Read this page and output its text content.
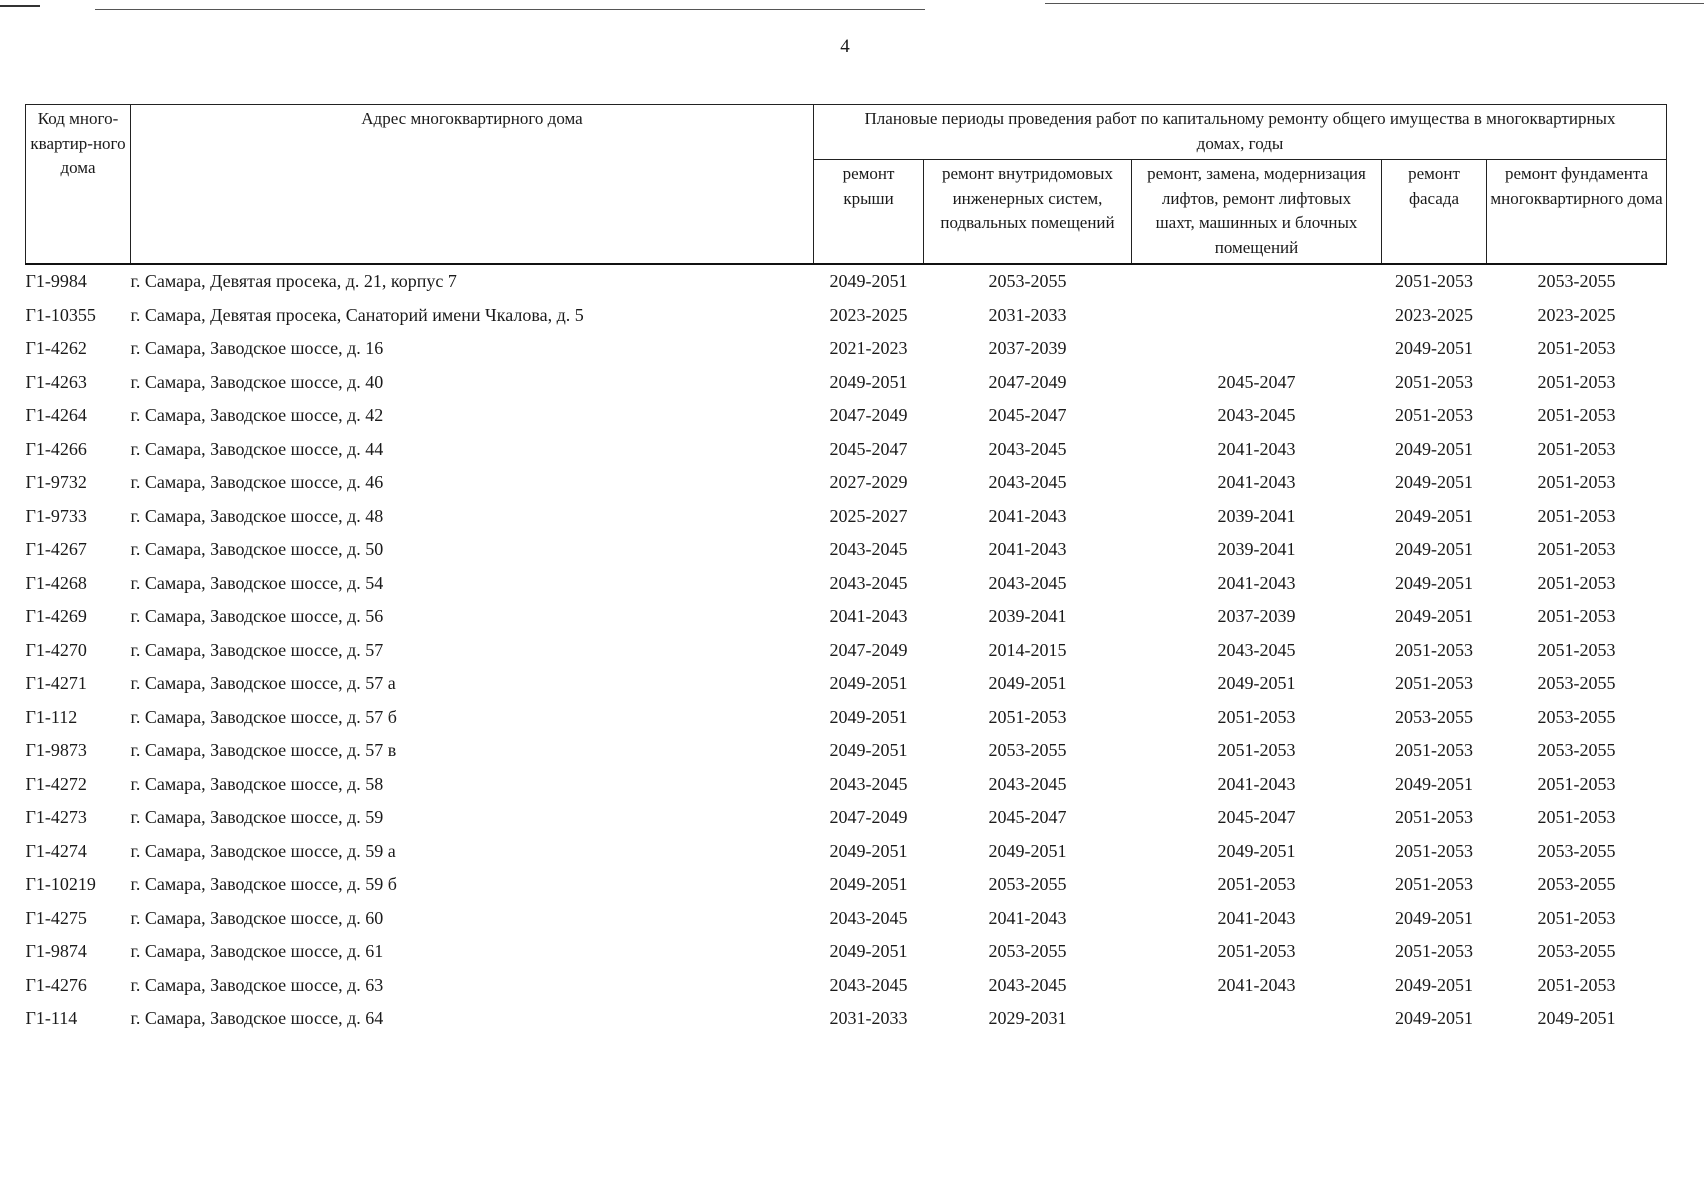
4
Код много-квартир-ного дома	Адрес многоквартирного дома	Плановые периоды проведения работ по капитальному ремонту общего имущества в многоквартирных домах, годы				
		ремонт крыши	ремонт внутридомовых инженерных систем, подвальных помещений	ремонт, замена, модернизация лифтов, ремонт лифтовых шахт, машинных и блочных помещений	ремонт фасада	ремонт фундамента многоквартирного дома
Г1-9984	г. Самара, Девятая просека, д. 21, корпус 7	2049-2051	2053-2055		2051-2053	2053-2055
Г1-10355	г. Самара, Девятая просека, Санаторий имени Чкалова, д. 5	2023-2025	2031-2033		2023-2025	2023-2025
Г1-4262	г. Самара, Заводское шоссе, д. 16	2021-2023	2037-2039		2049-2051	2051-2053
Г1-4263	г. Самара, Заводское шоссе, д. 40	2049-2051	2047-2049	2045-2047	2051-2053	2051-2053
Г1-4264	г. Самара, Заводское шоссе, д. 42	2047-2049	2045-2047	2043-2045	2051-2053	2051-2053
Г1-4266	г. Самара, Заводское шоссе, д. 44	2045-2047	2043-2045	2041-2043	2049-2051	2051-2053
Г1-9732	г. Самара, Заводское шоссе, д. 46	2027-2029	2043-2045	2041-2043	2049-2051	2051-2053
Г1-9733	г. Самара, Заводское шоссе, д. 48	2025-2027	2041-2043	2039-2041	2049-2051	2051-2053
Г1-4267	г. Самара, Заводское шоссе, д. 50	2043-2045	2041-2043	2039-2041	2049-2051	2051-2053
Г1-4268	г. Самара, Заводское шоссе, д. 54	2043-2045	2043-2045	2041-2043	2049-2051	2051-2053
Г1-4269	г. Самара, Заводское шоссе, д. 56	2041-2043	2039-2041	2037-2039	2049-2051	2051-2053
Г1-4270	г. Самара, Заводское шоссе, д. 57	2047-2049	2014-2015	2043-2045	2051-2053	2051-2053
Г1-4271	г. Самара, Заводское шоссе, д. 57 а	2049-2051	2049-2051	2049-2051	2051-2053	2053-2055
Г1-112	г. Самара, Заводское шоссе, д. 57 б	2049-2051	2051-2053	2051-2053	2053-2055	2053-2055
Г1-9873	г. Самара, Заводское шоссе, д. 57 в	2049-2051	2053-2055	2051-2053	2051-2053	2053-2055
Г1-4272	г. Самара, Заводское шоссе, д. 58	2043-2045	2043-2045	2041-2043	2049-2051	2051-2053
Г1-4273	г. Самара, Заводское шоссе, д. 59	2047-2049	2045-2047	2045-2047	2051-2053	2051-2053
Г1-4274	г. Самара, Заводское шоссе, д. 59 а	2049-2051	2049-2051	2049-2051	2051-2053	2053-2055
Г1-10219	г. Самара, Заводское шоссе, д. 59 б	2049-2051	2053-2055	2051-2053	2051-2053	2053-2055
Г1-4275	г. Самара, Заводское шоссе, д. 60	2043-2045	2041-2043	2041-2043	2049-2051	2051-2053
Г1-9874	г. Самара, Заводское шоссе, д. 61	2049-2051	2053-2055	2051-2053	2051-2053	2053-2055
Г1-4276	г. Самара, Заводское шоссе, д. 63	2043-2045	2043-2045	2041-2043	2049-2051	2051-2053
Г1-114	г. Самара, Заводское шоссе, д. 64	2031-2033	2029-2031		2049-2051	2049-2051
